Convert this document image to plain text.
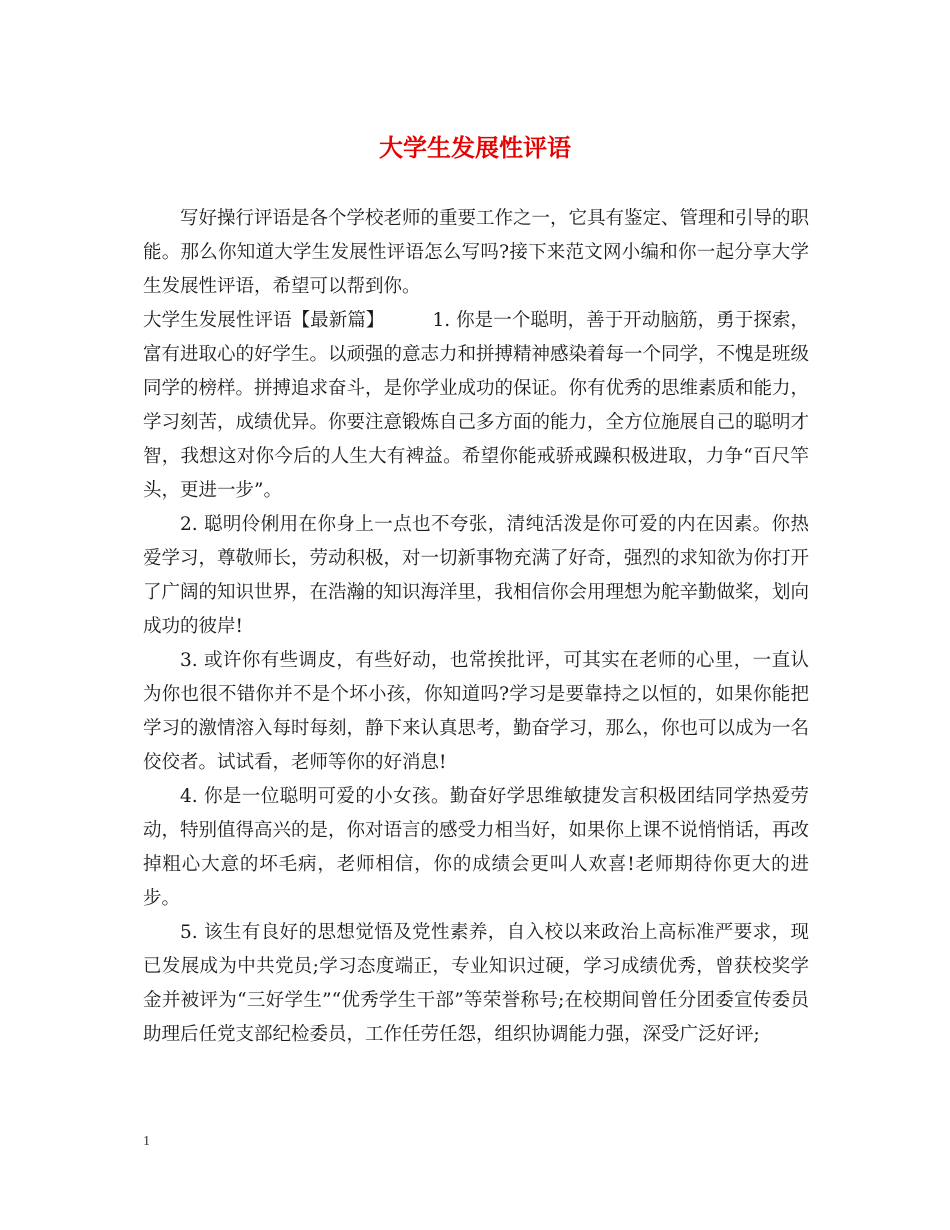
大学生发展性评语

写好操行评语是各个学校老师的重要工作之一，它具有鉴定、管理和引导的职能。那么你知道大学生发展性评语怎么写吗?接下来范文网小编和你一起分享大学生发展性评语，希望可以帮到你。

大学生发展性评语【最新篇】	1. 你是一个聪明，善于开动脑筋，勇于探索，富有进取心的好学生。以顽强的意志力和拼搏精神感染着每一个同学，不愧是班级同学的榜样。拼搏追求奋斗，是你学业成功的保证。你有优秀的思维素质和能力，学习刻苦，成绩优异。你要注意锻炼自己多方面的能力，全方位施展自己的聪明才智，我想这对你今后的人生大有裨益。希望你能戒骄戒躁积极进取，力争“百尺竿头，更进一步”。

2. 聪明伶俐用在你身上一点也不夸张，清纯活泼是你可爱的内在因素。你热爱学习，尊敬师长，劳动积极，对一切新事物充满了好奇，强烈的求知欲为你打开了广阔的知识世界，在浩瀚的知识海洋里，我相信你会用理想为舵辛勤做桨，划向成功的彼岸!

3. 或许你有些调皮，有些好动，也常挨批评，可其实在老师的心里，一直认为你也很不错你并不是个坏小孩，你知道吗?学习是要靠持之以恒的，如果你能把学习的激情溶入每时每刻，静下来认真思考，勤奋学习，那么，你也可以成为一名佼佼者。试试看，老师等你的好消息!

4. 你是一位聪明可爱的小女孩。勤奋好学思维敏捷发言积极团结同学热爱劳动，特别值得高兴的是，你对语言的感受力相当好，如果你上课不说悄悄话，再改掉粗心大意的坏毛病，老师相信，你的成绩会更叫人欢喜!老师期待你更大的进步。

5. 该生有良好的思想觉悟及党性素养，自入校以来政治上高标准严要求，现已发展成为中共党员;学习态度端正，专业知识过硬，学习成绩优秀，曾获校奖学金并被评为“三好学生”“优秀学生干部”等荣誉称号;在校期间曾任分团委宣传委员助理后任党支部纪检委员，工作任劳任怨，组织协调能力强，深受广泛好评;

1
